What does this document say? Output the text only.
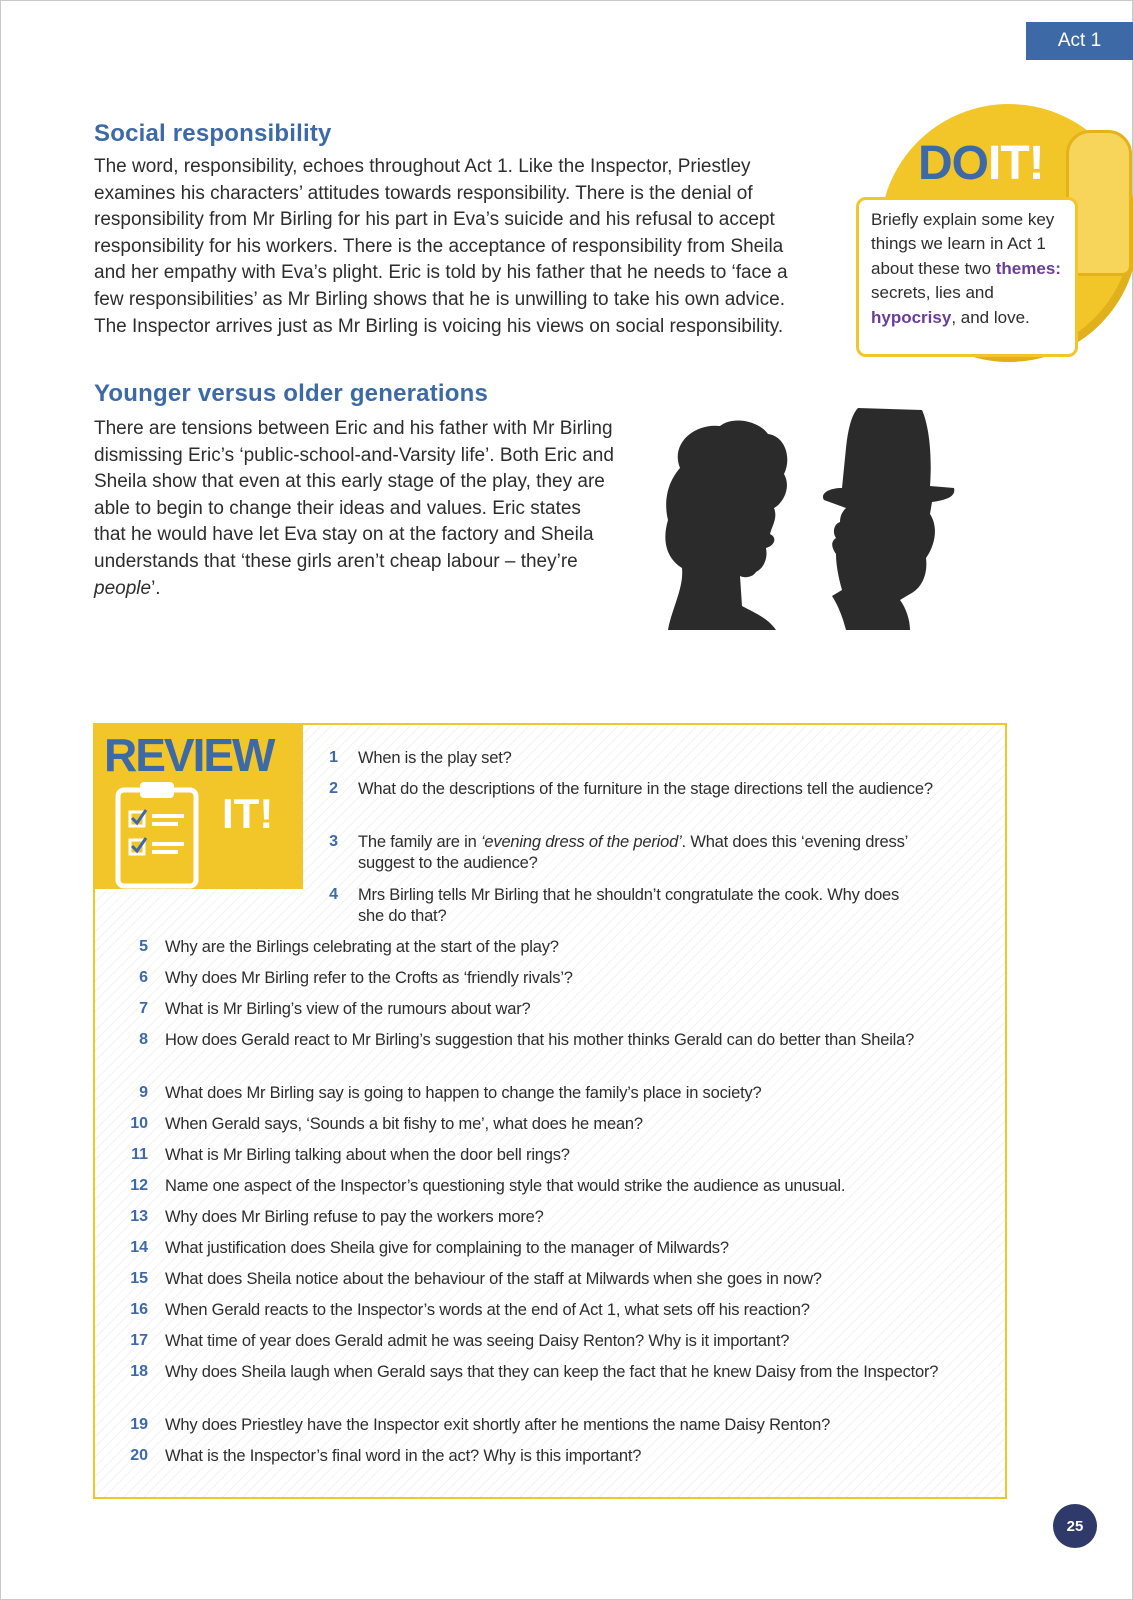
Act 1
Social responsibility

The word, responsibility, echoes throughout Act 1. Like the Inspector, Priestley examines his characters’ attitudes towards responsibility. There is the denial of responsibility from Mr Birling for his part in Eva’s suicide and his refusal to accept responsibility for his workers. There is the acceptance of responsibility from Sheila and her empathy with Eva’s plight. Eric is told by his father that he needs to ‘face a few responsibilities’ as Mr Birling shows that he is unwilling to take his own advice. The Inspector arrives just as Mr Birling is voicing his views on social responsibility.

DOIT!
Briefly explain some key things we learn in Act 1 about these two themes: secrets, lies and hypocrisy, and love.
Younger versus older generations

There are tensions between Eric and his father with Mr Birling dismissing Eric’s ‘public-school-and-Varsity life’. Both Eric and Sheila show that even at this early stage of the play, they are able to begin to change their ideas and values. Eric states that he would have let Eva stay on at the factory and Sheila understands that ‘these girls aren’t cheap labour – they’re people’.

REVIEW
IT!
1 When is the play set?
2 What do the descriptions of the furniture in the stage directions tell the audience?
3 The family are in ‘evening dress of the period’. What does this ‘evening dress’ suggest to the audience?
4 Mrs Birling tells Mr Birling that he shouldn’t congratulate the cook. Why does she do that?
5 Why are the Birlings celebrating at the start of the play?
6 Why does Mr Birling refer to the Crofts as ‘friendly rivals’?
7 What is Mr Birling’s view of the rumours about war?
8 How does Gerald react to Mr Birling’s suggestion that his mother thinks Gerald can do better than Sheila?
9 What does Mr Birling say is going to happen to change the family’s place in society?
10 When Gerald says, ‘Sounds a bit fishy to me’, what does he mean?
11 What is Mr Birling talking about when the door bell rings?
12 Name one aspect of the Inspector’s questioning style that would strike the audience as unusual.
13 Why does Mr Birling refuse to pay the workers more?
14 What justification does Sheila give for complaining to the manager of Milwards?
15 What does Sheila notice about the behaviour of the staff at Milwards when she goes in now?
16 When Gerald reacts to the Inspector’s words at the end of Act 1, what sets off his reaction?
17 What time of year does Gerald admit he was seeing Daisy Renton? Why is it important?
18 Why does Sheila laugh when Gerald says that they can keep the fact that he knew Daisy from the Inspector?
19 Why does Priestley have the Inspector exit shortly after he mentions the name Daisy Renton?
20 What is the Inspector’s final word in the act? Why is this important?
25
